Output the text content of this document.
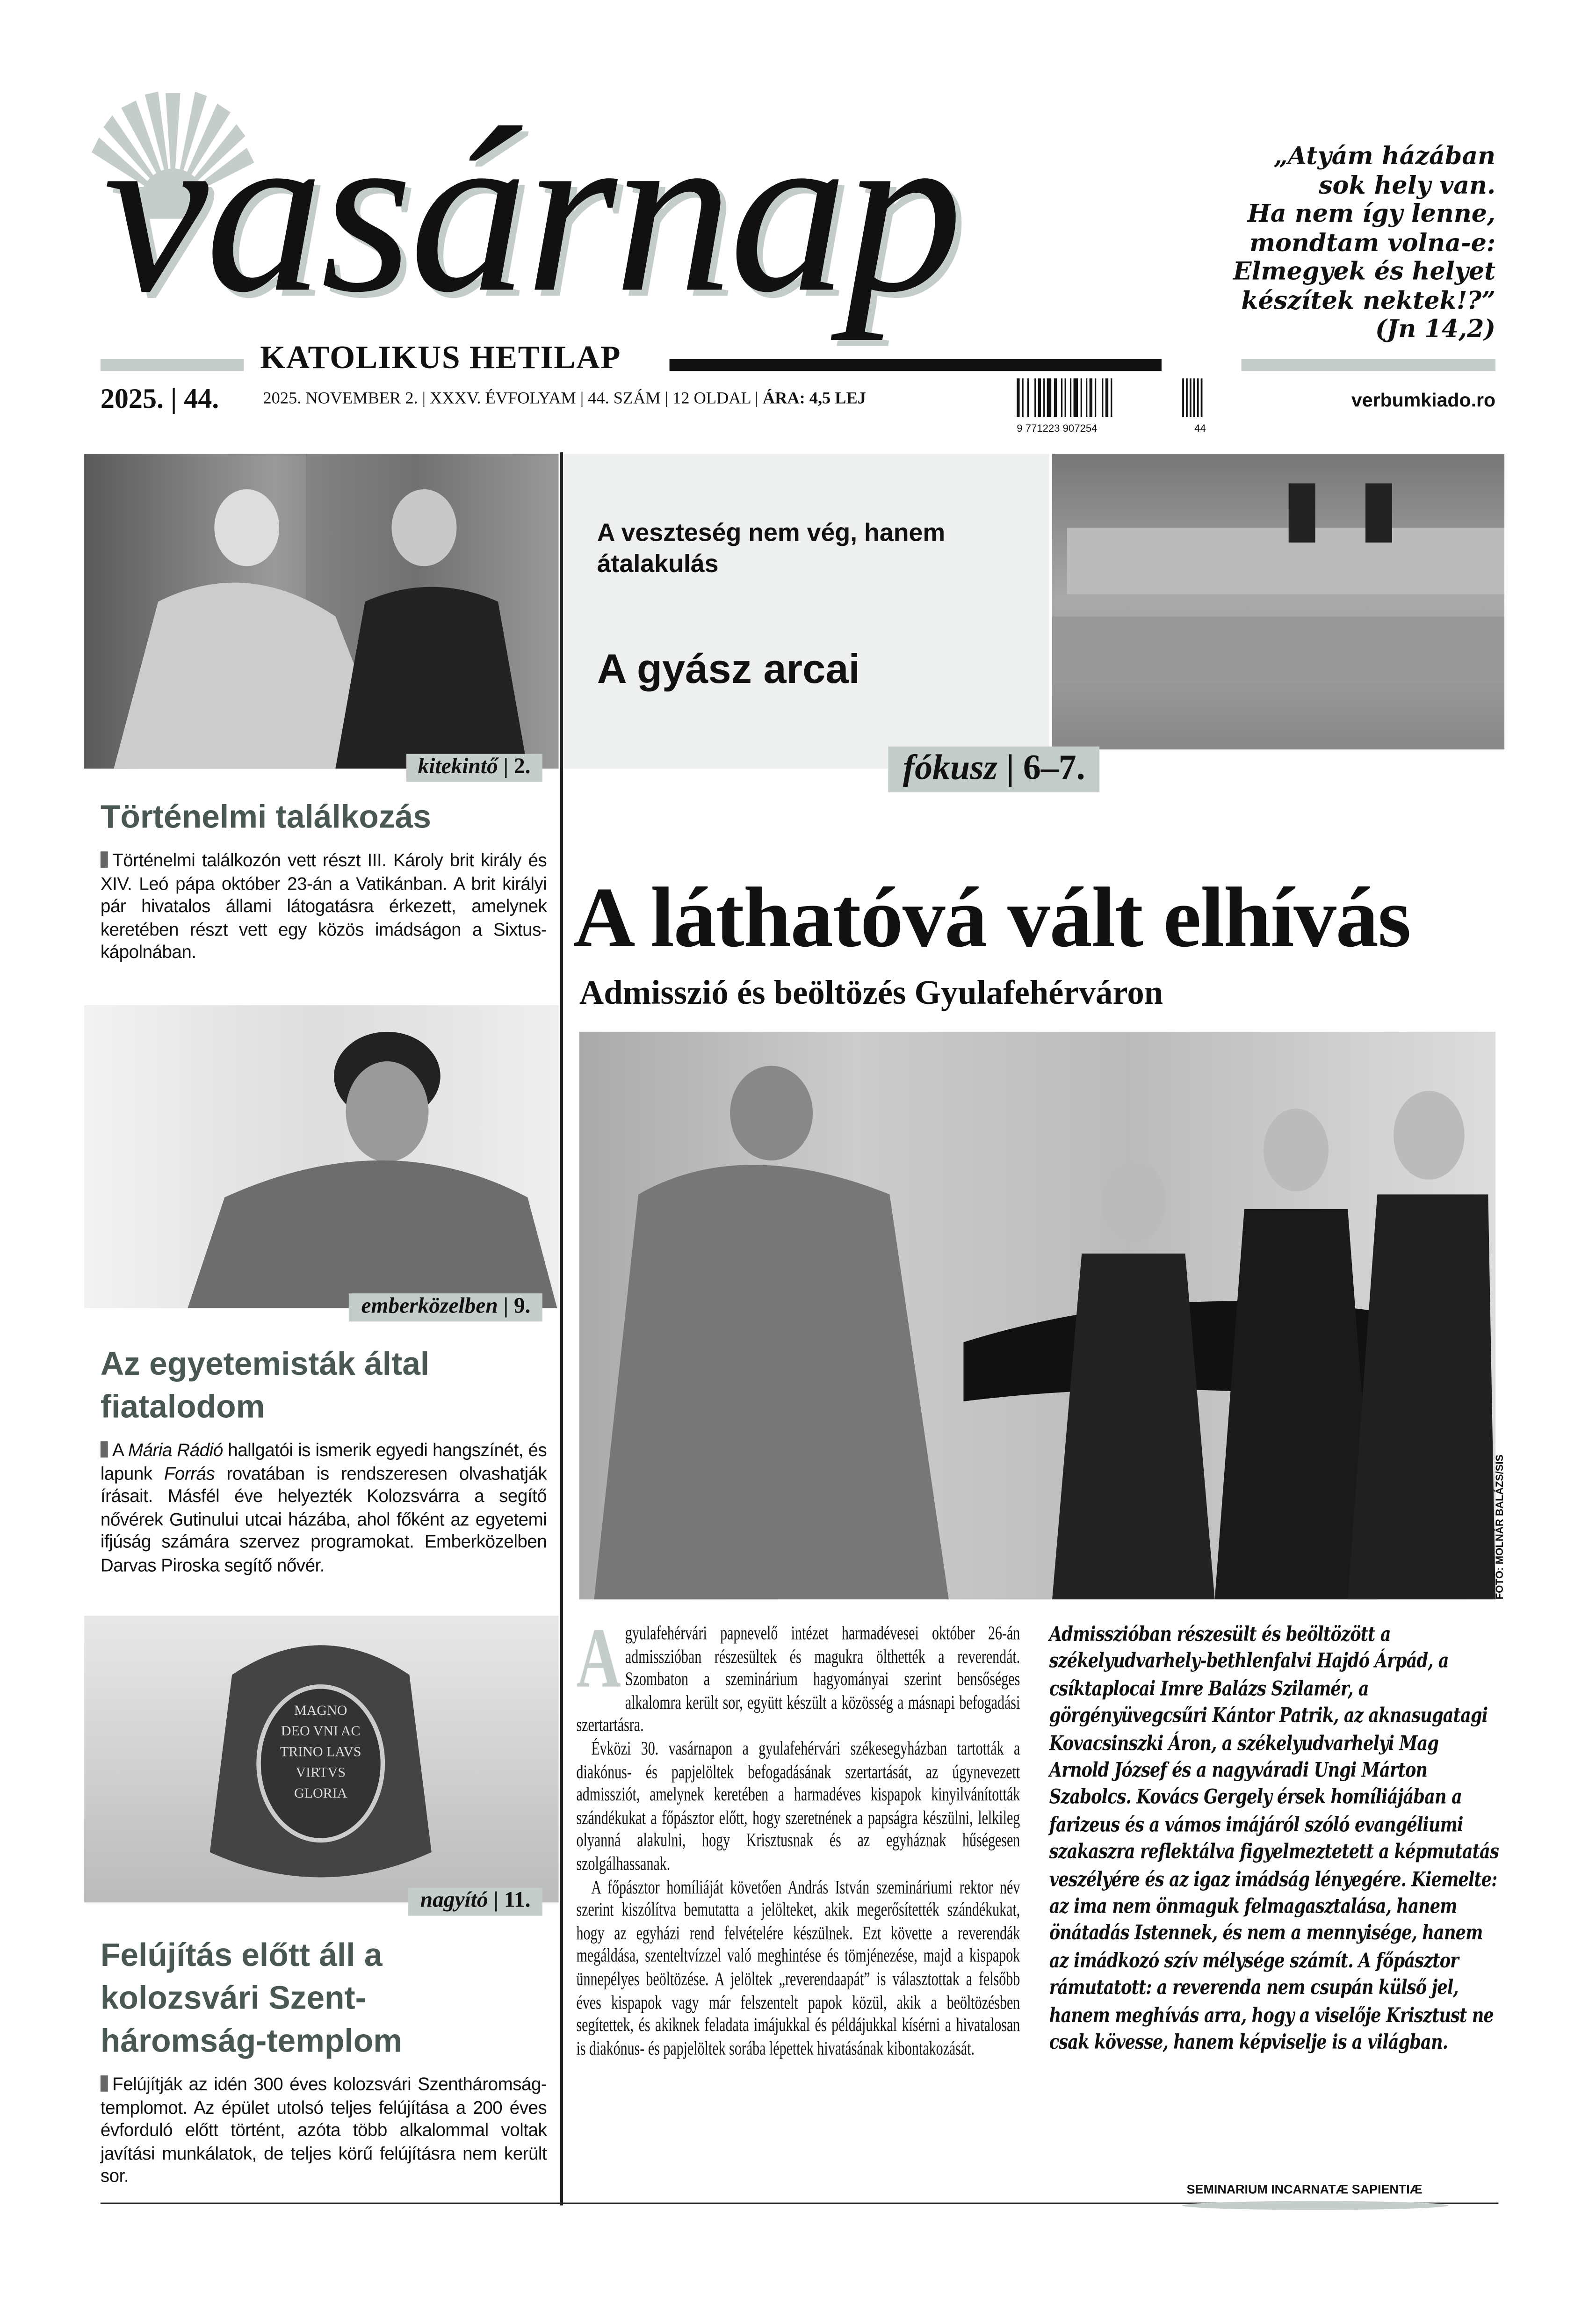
vasárnap
KATOLIKUS HETILAP
„Atyám házában
sok hely van.
Ha nem így lenne,
mondtam volna-e:
Elmegyek és helyet
készítek nektek!?”
(Jn 14,2)
2025. | 44.	2025. NOVEMBER 2. | XXXV. ÉVFOLYAM | 44. SZÁM | 12 OLDAL | ÁRA: 4,5 LEJ
9 771223 907254	44
verbumkiado.ro
kitekintő | 2.
Történelmi találkozás
Történelmi találkozón vett részt III. Károly brit király és XIV. Leó pápa október 23-án a Vatikánban. A brit királyi pár hivatalos állami látogatásra érkezett, amelynek keretében részt vett egy közös imádságon a Sixtus-kápolnában.
emberközelben | 9.
Az egyetemisták által fiatalodom
A Mária Rádió hallgatói is ismerik egyedi hangszínét, és lapunk Forrás rovatában is rendszeresen olvashatják írásait. Másfél éve helyezték Kolozsvárra a segítő nővérek Gutinului utcai házába, ahol főként az egyetemi ifjúság számára szervez programokat. Emberközelben Darvas Piroska segítő nővér.
MAGNO
DEO VNI AC
TRINO LAVS
VIRTVS
GLORIA
nagyító | 11.
Felújítás előtt áll a kolozsvári Szentháromság-templom
Felújítják az idén 300 éves kolozsvári Szentháromság-templomot. Az épület utolsó teljes felújítása a 200 éves évforduló előtt történt, azóta több alkalommal voltak javítási munkálatok, de teljes körű felújításra nem került sor.
A veszteség nem vég, hanem átalakulás
A gyász arcai
fókusz | 6–7.
A láthatóvá vált elhívás
Admisszió és beöltözés Gyulafehérváron
FOTÓ: MOLNÁR BALÁZS/SIS
A gyulafehérvári papnevelő intézet harmadévesei október 26-án admisszióban részesültek és magukra ölthették a reverendát. Szombaton a szeminárium hagyományai szerint bensőséges alkalomra került sor, együtt készült a közösség a másnapi befogadási szertartásra.

Évközi 30. vasárnapon a gyulafehérvári székesegyházban tartották a diakónus- és papjelöltek befogadásának szertartását, az úgynevezett admissziót, amelynek keretében a harmadéves kispapok kinyilvánították szándékukat a főpásztor előtt, hogy szeretnének a papságra készülni, lelkileg olyanná alakulni, hogy Krisztusnak és az egyháznak hűségesen szolgálhassanak.

A főpásztor homíliáját követően András István szemináriumi rektor név szerint kiszólítva bemutatta a jelölteket, akik megerősítették szándékukat, hogy az egyházi rend felvételére készülnek. Ezt követte a reverendák megáldása, szenteltvízzel való meghintése és tömjénezése, majd a kispapok ünnepélyes beöltözése. A jelöltek „reverendaapát” is választottak a felsőbb éves kispapok vagy már felszentelt papok közül, akik a beöltözésben segítettek, és akiknek feladata imájukkal és példájukkal kísérni a hivatalosan is diakónus- és papjelöltek sorába lépettek hivatásának kibontakozását.

Admisszióban részesült és beöltözött a székelyudvarhely-bethlenfalvi Hajdó Árpád, a csíktaplocai Imre Balázs Szilamér, a görgényüvegcsűri Kántor Patrik, az aknasugatagi Kovacsinszki Áron, a székelyudvarhelyi Mag Arnold József és a nagyváradi Ungi Márton Szabolcs. Kovács Gergely érsek homíliájában a farizeus és a vámos imájáról szóló evangéliumi szakaszra reflektálva figyelmeztetett a képmutatás veszélyére és az igaz imádság lényegére. Kiemelte: az ima nem önmaguk felmagasztalása, hanem önátadás Istennek, és nem a mennyisége, hanem az imádkozó szív mélysége számít. A főpásztor rámutatott: a reverenda nem csupán külső jel, hanem meghívás arra, hogy a viselője Krisztust ne csak kövesse, hanem képviselje is a világban.
SEMINARIUM INCARNATÆ SAPIENTIÆ
